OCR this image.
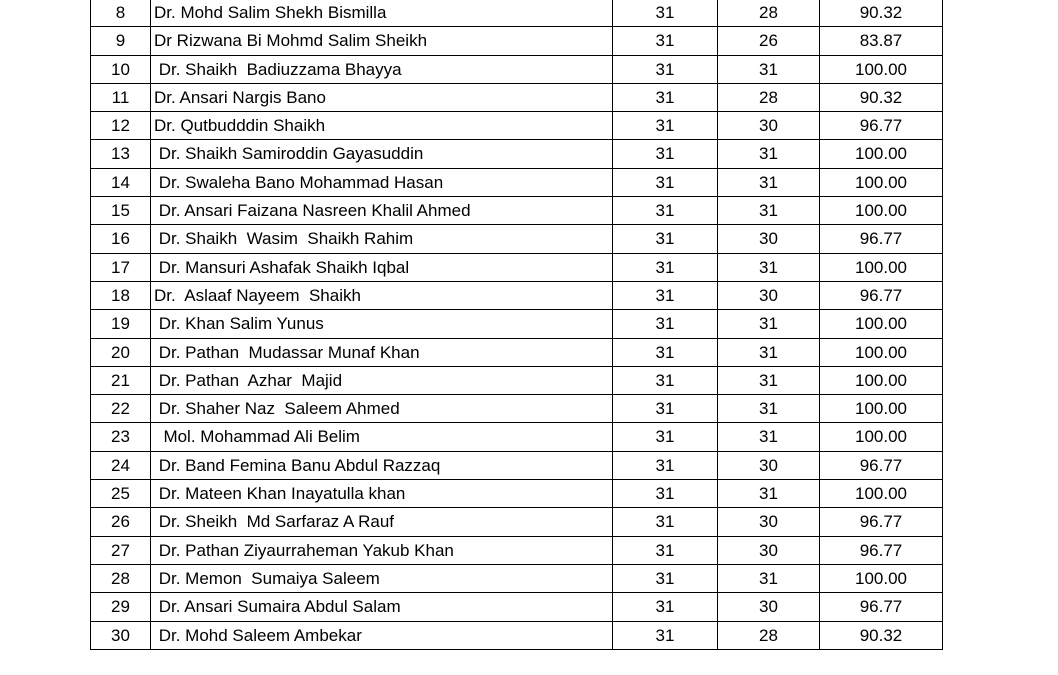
8	Dr. Mohd Salim Shekh Bismilla	31	28	90.32
9	Dr Rizwana Bi Mohmd Salim Sheikh	31	26	83.87
10	Dr. Shaikh  Badiuzzama Bhayya	31	31	100.00
11	Dr. Ansari Nargis Bano	31	28	90.32
12	Dr. Qutbudddin Shaikh	31	30	96.77
13	Dr. Shaikh Samiroddin Gayasuddin	31	31	100.00
14	Dr. Swaleha Bano Mohammad Hasan	31	31	100.00
15	Dr. Ansari Faizana Nasreen Khalil Ahmed	31	31	100.00
16	Dr. Shaikh  Wasim  Shaikh Rahim	31	30	96.77
17	Dr. Mansuri Ashafak Shaikh Iqbal	31	31	100.00
18	Dr.  Aslaaf Nayeem  Shaikh	31	30	96.77
19	Dr. Khan Salim Yunus	31	31	100.00
20	Dr. Pathan  Mudassar Munaf Khan	31	31	100.00
21	Dr. Pathan  Azhar  Majid	31	31	100.00
22	Dr. Shaher Naz  Saleem Ahmed	31	31	100.00
23	Mol. Mohammad Ali Belim	31	31	100.00
24	Dr. Band Femina Banu Abdul Razzaq	31	30	96.77
25	Dr. Mateen Khan Inayatulla khan	31	31	100.00
26	Dr. Sheikh  Md Sarfaraz A Rauf	31	30	96.77
27	Dr. Pathan Ziyaurraheman Yakub Khan	31	30	96.77
28	Dr. Memon  Sumaiya Saleem	31	31	100.00
29	Dr. Ansari Sumaira Abdul Salam	31	30	96.77
30	Dr. Mohd Saleem Ambekar	31	28	90.32
